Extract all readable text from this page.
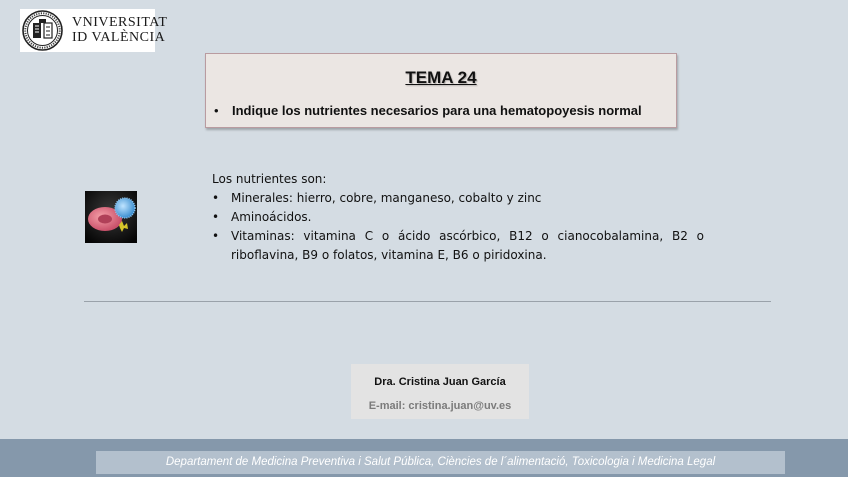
VNIVERSITAT
ID VALÈNCIA
TEMA 24
• Indique los nutrientes necesarios para una hematopoyesis normal
Los nutrientes son:
• Minerales: hierro, cobre, manganeso, cobalto y zinc
• Aminoácidos.
• Vitaminas: vitamina C o ácido ascórbico, B12 o cianocobalamina, B2 o riboflavina, B9 o folatos, vitamina E, B6 o piridoxina.
Dra. Cristina Juan García
E-mail: cristina.juan@uv.es
Departament de Medicina Preventiva i Salut Pública, Ciències de l´alimentació, Toxicologia i Medicina Legal
